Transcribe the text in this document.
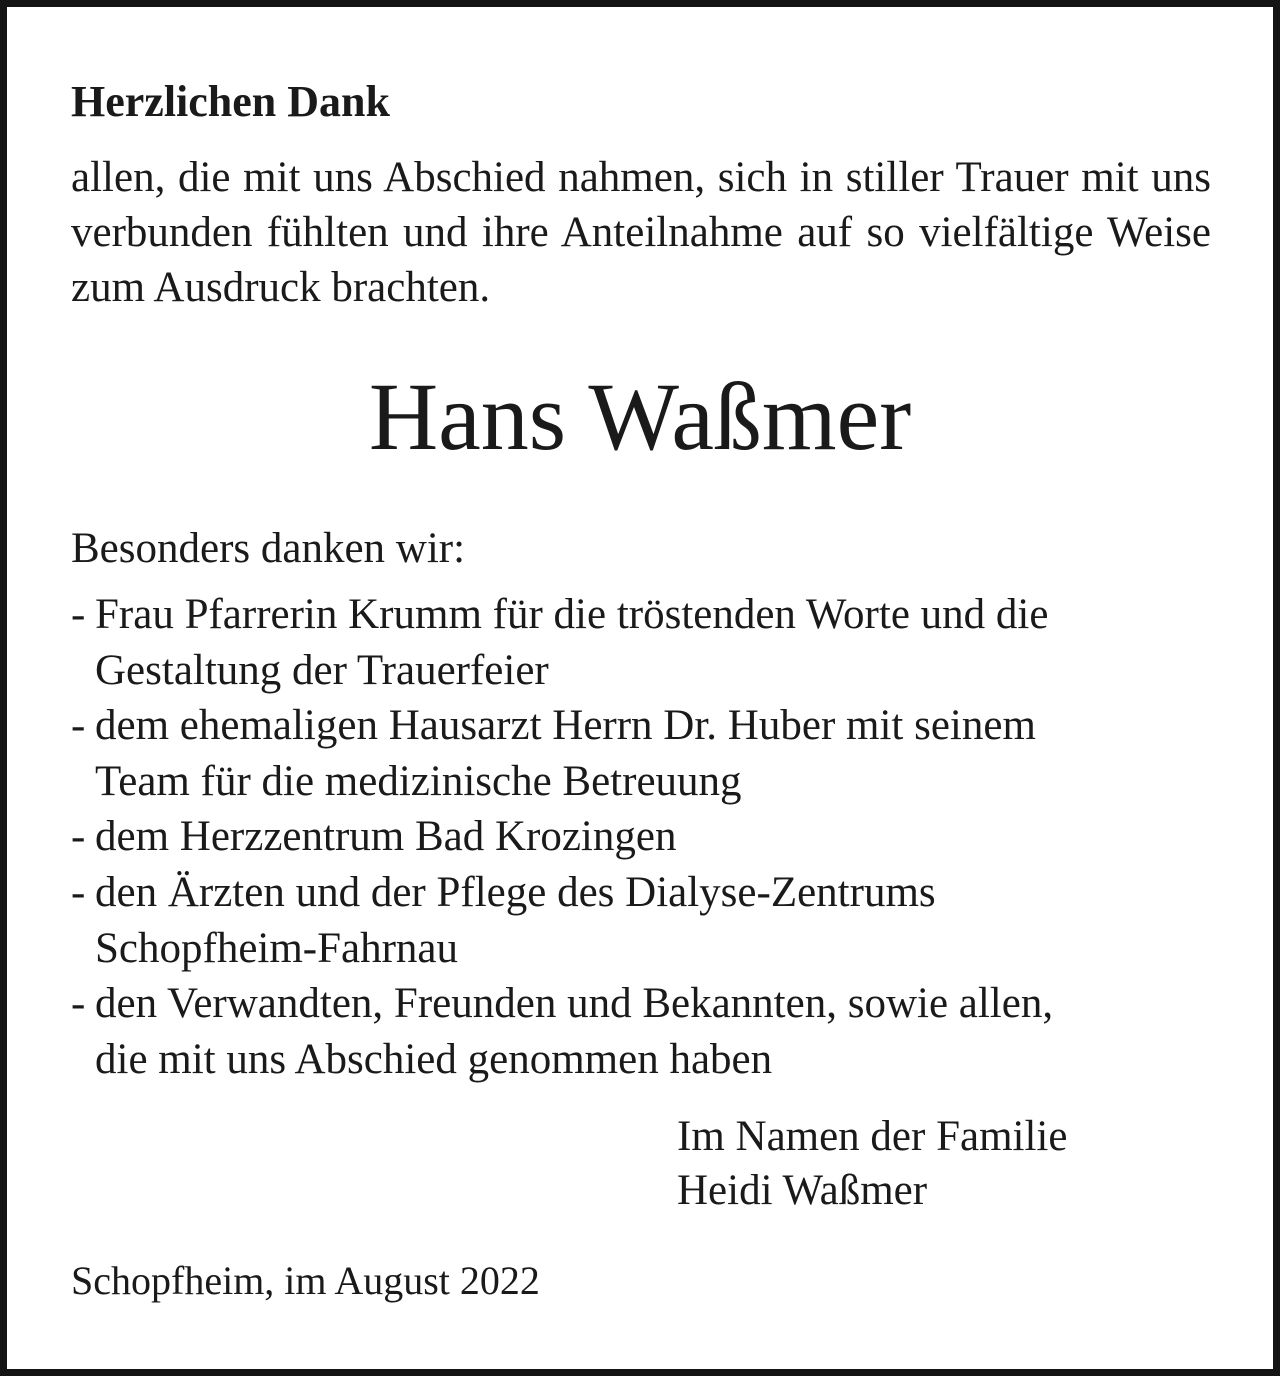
Herzlichen Dank
allen, die mit uns Abschied nahmen, sich in stiller Trauer mit uns verbunden fühlten und ihre Anteilnahme auf so vielfältige Weise zum Ausdruck brachten.
Hans Waßmer
Besonders danken wir:
- Frau Pfarrerin Krumm für die tröstenden Worte und die
Gestaltung der Trauerfeier
- dem ehemaligen Hausarzt Herrn Dr. Huber mit seinem
Team für die medizinische Betreuung
- dem Herzzentrum Bad Krozingen
- den Ärzten und der Pflege des Dialyse-Zentrums
Schopfheim-Fahrnau
- den Verwandten, Freunden und Bekannten, sowie allen,
die mit uns Abschied genommen haben
Im Namen der Familie
Heidi Waßmer
Schopfheim, im August 2022
